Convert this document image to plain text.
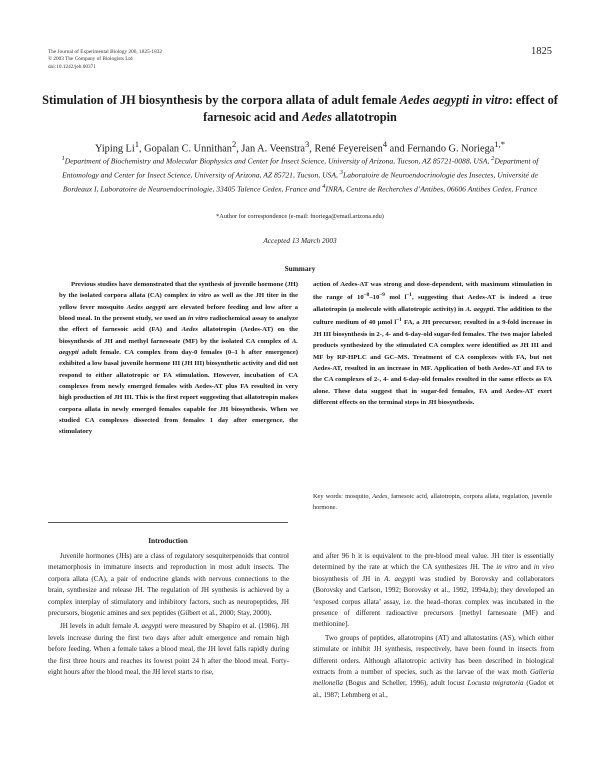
The Journal of Experimental Biology 206, 1825-1832
© 2003 The Company of Biologists Ltd
doi:10.1242/jeb.00371
1825
Stimulation of JH biosynthesis by the corpora allata of adult female Aedes aegypti in vitro: effect of farnesoic acid and Aedes allatotropin
Yiping Li$^1$, Gopalan C. Unnithan$^2$, Jan A. Veenstra$^3$, René Feyereisen$^4$ and Fernando G. Noriega$^{1,*}$
$^1$Department of Biochemistry and Molecular Biophysics and Center for Insect Science, University of Arizona, Tucson, AZ 85721-0088, USA, $^2$Department of Entomology and Center for Insect Science, University of Arizona, AZ 85721, Tucson, USA, $^3$Laboratoire de Neuroendocrinologie des Insectes, Université de Bordeaux I, Laboratoire de Neuroendocrinologie, 33405 Talence Cedex, France and $^4$INRA, Centre de Recherches d’Antibes, 06606 Antibes Cedex, France
*Author for correspondence (e-mail: fnoriega@email.arizona.edu)
Accepted 13 March 2003
Summary
Previous studies have demonstrated that the synthesis of juvenile hormone (JH) by the isolated corpora allata (CA) complex in vitro as well as the JH titer in the yellow fever mosquito Aedes aegypti are elevated before feeding and low after a blood meal. In the present study, we used an in vitro radiochemical assay to analyze the effect of farnesoic acid (FA) and Aedes allatotropin (Aedes-AT) on the biosynthesis of JH and methyl farnesoate (MF) by the isolated CA complex of A. aegypti adult female. CA complex from day-0 females (0–1 h after emergence) exhibited a low basal juvenile hormone III (JH III) biosynthetic activity and did not respond to either allatotropic or FA stimulation. However, incubation of CA complexes from newly emerged females with Aedes-AT plus FA resulted in very high production of JH III. This is the first report suggesting that allatotropin makes corpora allata in newly emerged females capable for JH biosynthesis. When we studied CA complexes dissected from females 1 day after emergence, the stimulatory
action of Aedes-AT was strong and dose-dependent, with maximum stimulation in the range of $10^{-8}-10^{-9}$ mol $l^{-1}$, suggesting that Aedes-AT is indeed a true allatotropin (a molecule with allatotropic activity) in A. aegypti. The addition to the culture medium of 40 µmol $l^{-1}$ FA, a JH precursor, resulted in a 9-fold increase in JH III biosynthesis in 2-, 4- and 6-day-old sugar-fed females. The two major labeled products synthesized by the stimulated CA complex were identified as JH III and MF by RP-HPLC and GC–MS. Treatment of CA complexes with FA, but not Aedes-AT, resulted in an increase in MF. Application of both Aedes-AT and FA to the CA complexes of 2-, 4- and 6-day-old females resulted in the same effects as FA alone. These data suggest that in sugar-fed females, FA and Aedes-AT exert different effects on the terminal steps in JH biosynthesis.
Key words: mosquito, Aedes, farnesoic acid, allatotropin, corpora allata, regulation, juvenile hormone.
Introduction

Juvenile hormones (JHs) are a class of regulatory sesquiterpenoids that control metamorphosis in immature insects and reproduction in most adult insects. The corpora allata (CA), a pair of endocrine glands with nervous connections to the brain, synthesize and release JH. The regulation of JH synthesis is achieved by a complex interplay of stimulatory and inhibitory factors, such as neuropeptides, JH precursors, biogenic amines and sex peptides (Gilbert et al., 2000; Stay, 2000).

JH levels in adult female A. aegypti were measured by Shapiro et al. (1986). JH levels increase during the first two days after adult emergence and remain high before feeding. When a female takes a blood meal, the JH level falls rapidly during the first three hours and reaches its lowest point 24 h after the blood meal. Forty-eight hours after the blood meal, the JH level starts to rise,

and after 96 h it is equivalent to the pre-blood meal value. JH titer is essentially determined by the rate at which the CA synthesizes JH. The in vitro and in vivo biosynthesis of JH in A. aegypti was studied by Borovsky and collaborators (Borovsky and Carlson, 1992; Borovsky et al., 1992, 1994a,b); they developed an ‘exposed corpus allata’ assay, i.e. the head–thorax complex was incubated in the presence of different radioactive precursors [methyl farnesoate (MF) and methionine].

Two groups of peptides, allatotropins (AT) and allatostatins (AS), which either stimulate or inhibit JH synthesis, respectively, have been found in insects from different orders. Although allatotropic activity has been described in biological extracts from a number of species, such as the larvae of the wax moth Galleria mellonella (Bogus and Scheller, 1996), adult locust Locusta migratoria (Gadot et al., 1987; Lehmberg et al.,
